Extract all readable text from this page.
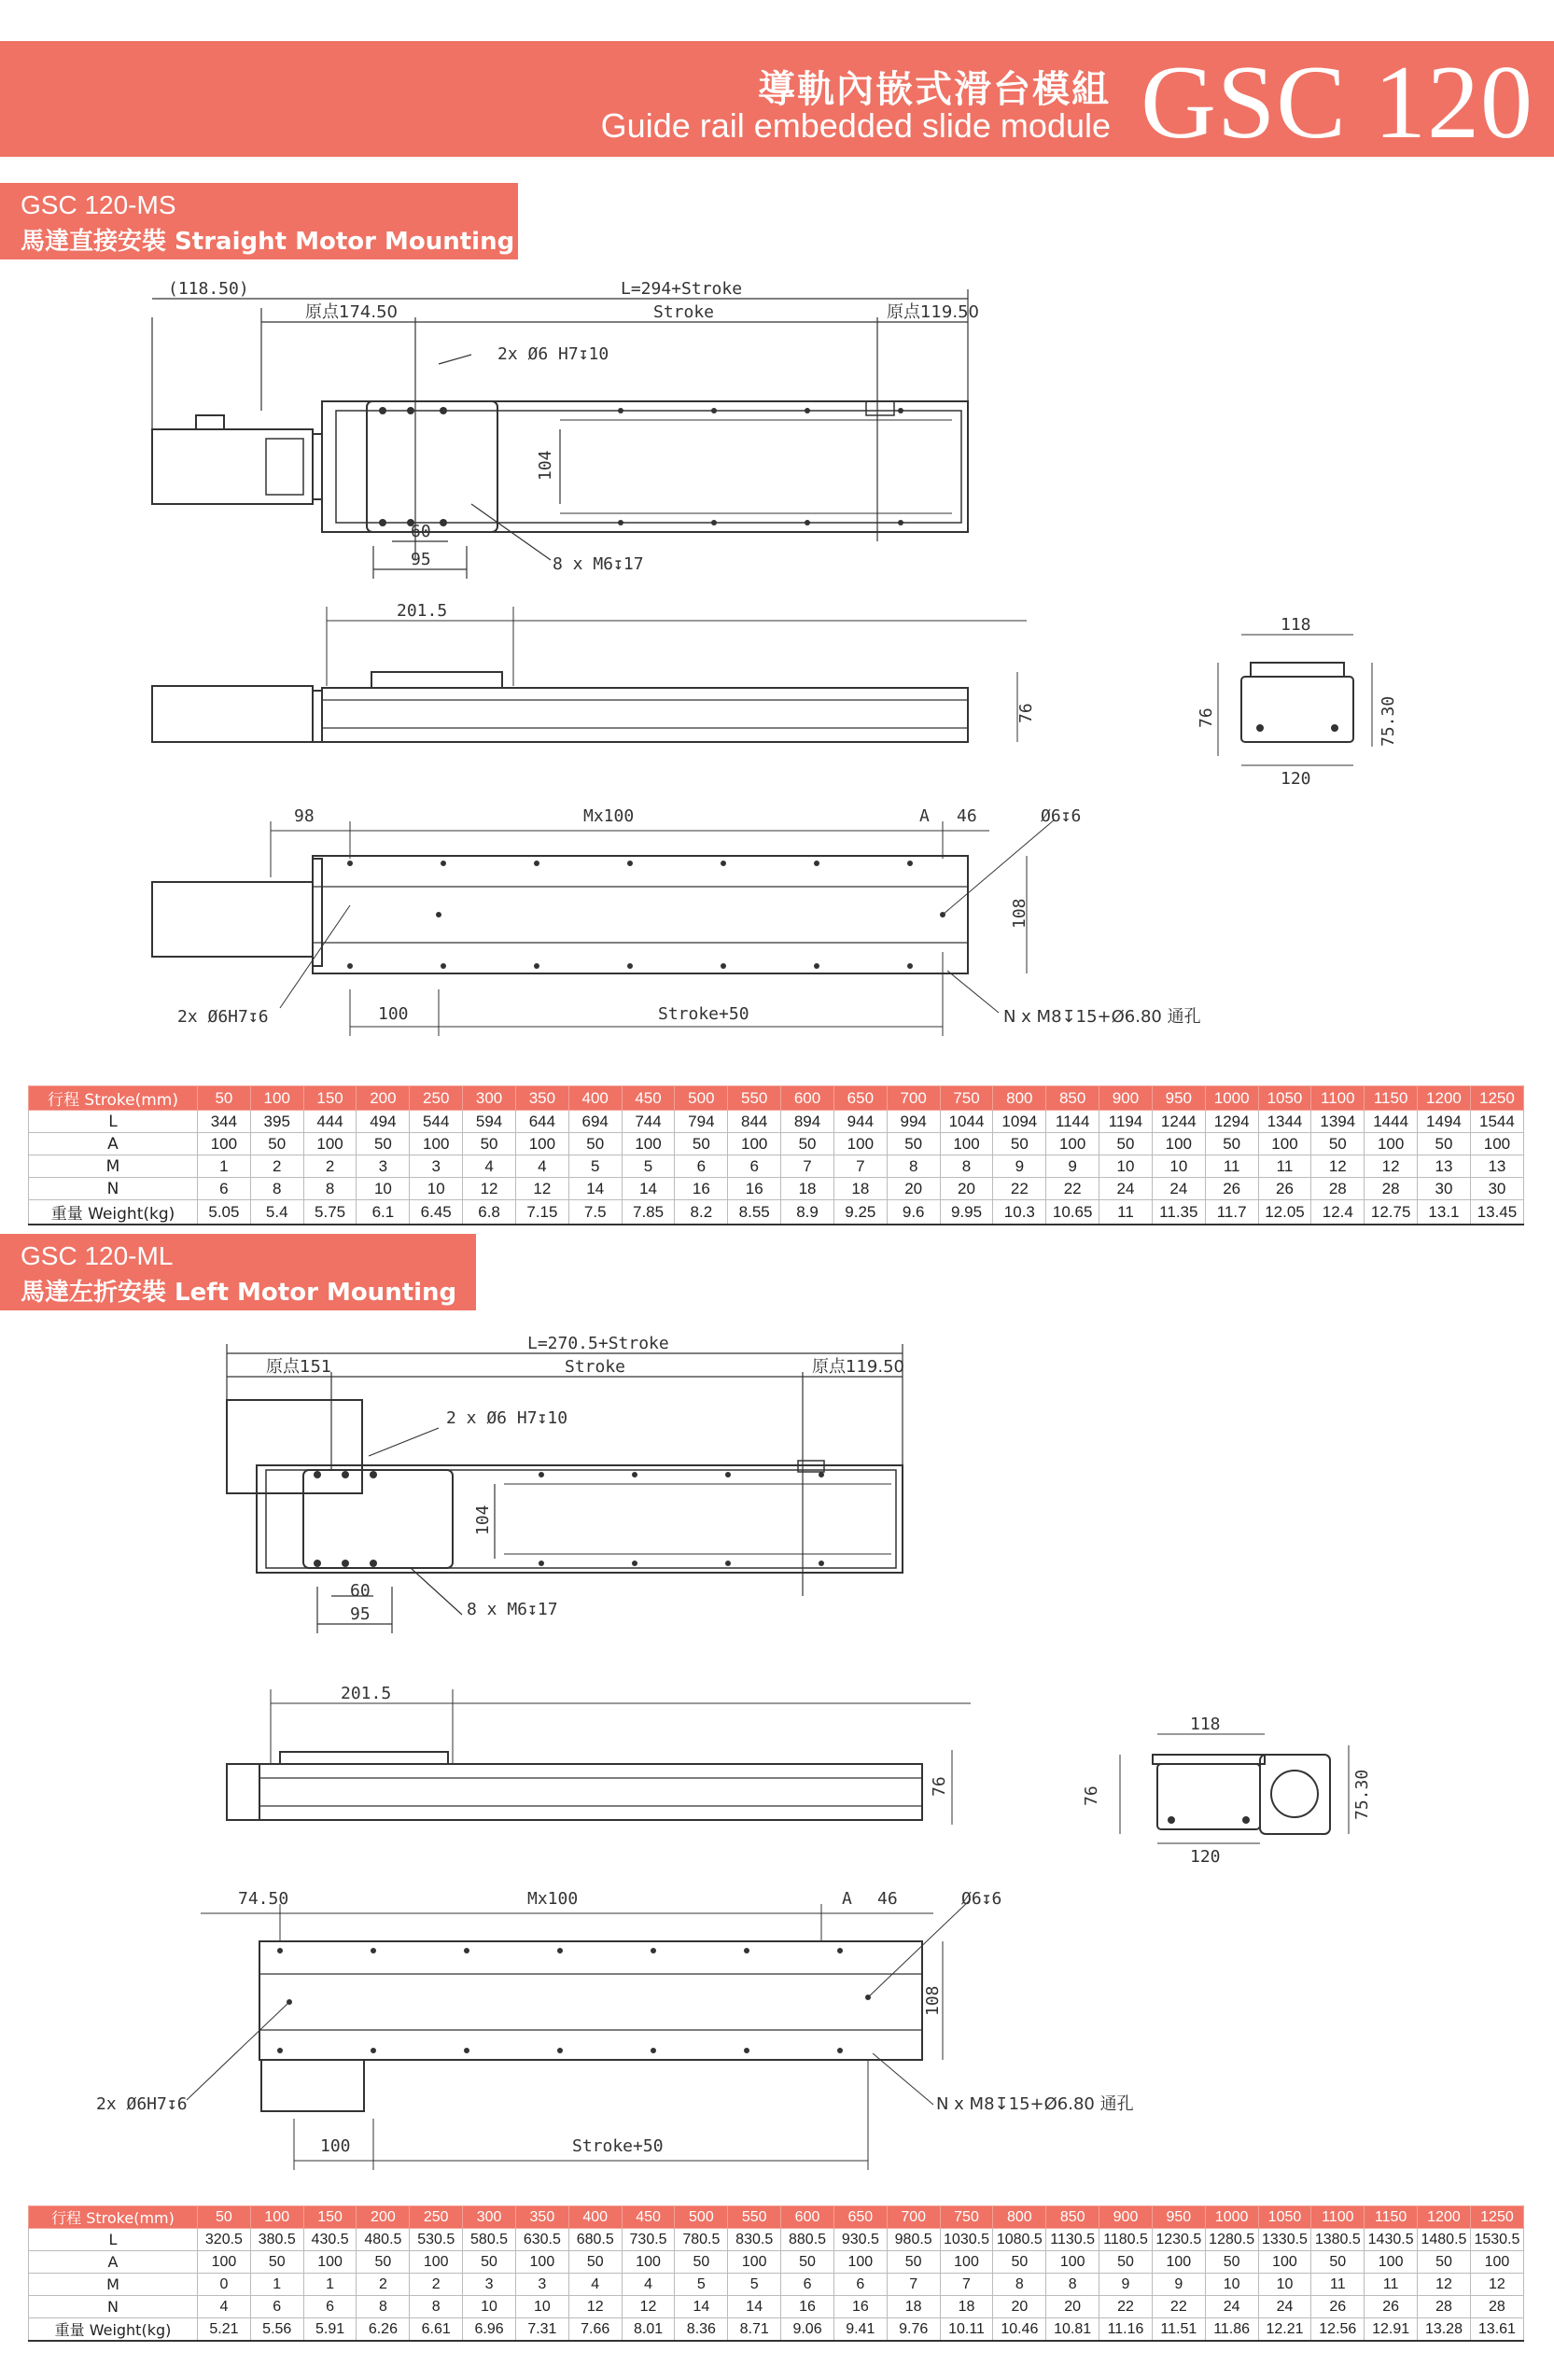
導軌內嵌式滑台模組
Guide rail embedded slide module GSC 120
GSC 120-MS
馬達直接安裝 Straight Motor Mounting
(118.50)	L=294+Stroke
原点174.50	Stroke	原点119.50
2x Ø6 H7↧10
104
60
95	8 x M6↧17
201.5
76
118
76	75.30
120
98	Mx100	A 46	Ø6↧6
108
2x Ø6H7↧6	100	Stroke+50	N x M8↧15+Ø6.80 通孔
行程 Stroke(mm)	50	100	150	200	250	300	350	400	450	500	550	600	650	700	750	800	850	900	950	1000	1050	1100	1150	1200	1250
L	344	395	444	494	544	594	644	694	744	794	844	894	944	994	1044	1094	1144	1194	1244	1294	1344	1394	1444	1494	1544
A	100	50	100	50	100	50	100	50	100	50	100	50	100	50	100	50	100	50	100	50	100	50	100	50	100
M	1	2	2	3	3	4	4	5	5	6	6	7	7	8	8	9	9	10	10	11	11	12	12	13	13
N	6	8	8	10	10	12	12	14	14	16	16	18	18	20	20	22	22	24	24	26	26	28	28	30	30
重量 Weight(kg)	5.05	5.4	5.75	6.1	6.45	6.8	7.15	7.5	7.85	8.2	8.55	8.9	9.25	9.6	9.95	10.3	10.65	11	11.35	11.7	12.05	12.4	12.75	13.1	13.45
GSC 120-ML
馬達左折安裝 Left Motor Mounting
L=270.5+Stroke
原点151	Stroke	原点119.50
2 x Ø6 H7↧10
104
60
95	8 x M6↧17
201.5
76
118
76	75.30
120
74.50	Mx100	A 46	Ø6↧6
108
2x Ø6H7↧6
100	Stroke+50
N x M8↧15+Ø6.80 通孔
行程 Stroke(mm)	50	100	150	200	250	300	350	400	450	500	550	600	650	700	750	800	850	900	950	1000	1050	1100	1150	1200	1250
L	320.5	380.5	430.5	480.5	530.5	580.5	630.5	680.5	730.5	780.5	830.5	880.5	930.5	980.5	1030.5	1080.5	1130.5	1180.5	1230.5	1280.5	1330.5	1380.5	1430.5	1480.5	1530.5
A	100	50	100	50	100	50	100	50	100	50	100	50	100	50	100	50	100	50	100	50	100	50	100	50	100
M	0	1	1	2	2	3	3	4	4	5	5	6	6	7	7	8	8	9	9	10	10	11	11	12	12
N	4	6	6	8	8	10	10	12	12	14	14	16	16	18	18	20	20	22	22	24	24	26	26	28	28
重量 Weight(kg)	5.21	5.56	5.91	6.26	6.61	6.96	7.31	7.66	8.01	8.36	8.71	9.06	9.41	9.76	10.11	10.46	10.81	11.16	11.51	11.86	12.21	12.56	12.91	13.28	13.61
